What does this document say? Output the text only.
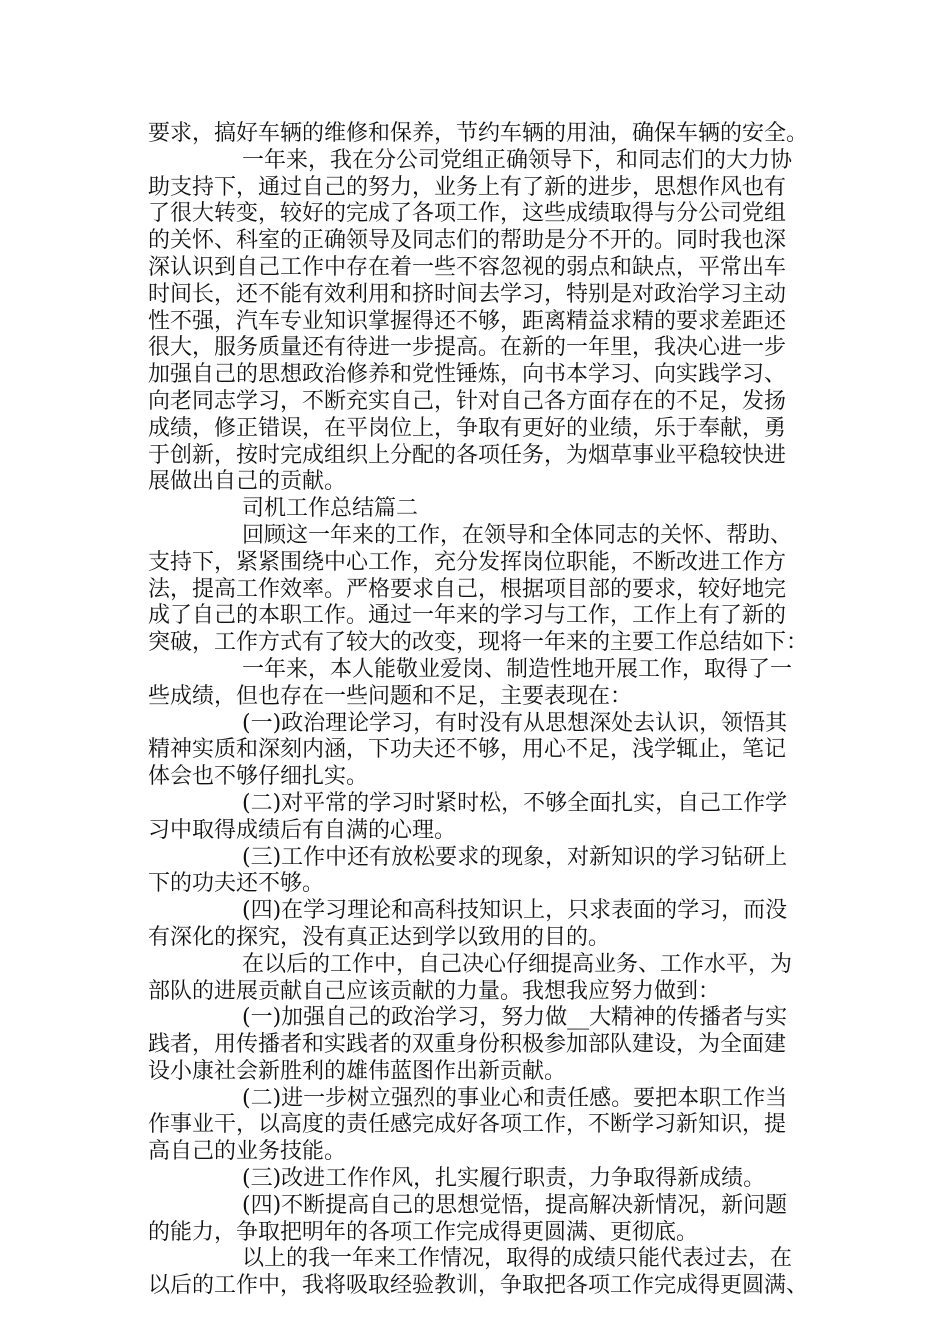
要求，搞好车辆的维修和保养，节约车辆的用油，确保车辆的安全。
一年来，我在分公司党组正确领导下，和同志们的大力协
助支持下，通过自己的努力，业务上有了新的进步，思想作风也有
了很大转变，较好的完成了各项工作，这些成绩取得与分公司党组
的关怀、科室的正确领导及同志们的帮助是分不开的。同时我也深
深认识到自己工作中存在着一些不容忽视的弱点和缺点，平常出车
时间长，还不能有效利用和挤时间去学习，特别是对政治学习主动
性不强，汽车专业知识掌握得还不够，距离精益求精的要求差距还
很大，服务质量还有待进一步提高。在新的一年里，我决心进一步
加强自己的思想政治修养和党性锤炼，向书本学习、向实践学习、
向老同志学习，不断充实自己，针对自己各方面存在的不足，发扬
成绩，修正错误，在平岗位上，争取有更好的业绩，乐于奉献，勇
于创新，按时完成组织上分配的各项任务，为烟草事业平稳较快进
展做出自己的贡献。
司机工作总结篇二
回顾这一年来的工作，在领导和全体同志的关怀、帮助、
支持下，紧紧围绕中心工作，充分发挥岗位职能，不断改进工作方
法，提高工作效率。严格要求自己，根据项目部的要求，较好地完
成了自己的本职工作。通过一年来的学习与工作，工作上有了新的
突破，工作方式有了较大的改变，现将一年来的主要工作总结如下：
一年来，本人能敬业爱岗、制造性地开展工作，取得了一
些成绩，但也存在一些问题和不足，主要表现在：
(一)政治理论学习，有时没有从思想深处去认识，领悟其
精神实质和深刻内涵，下功夫还不够，用心不足，浅学辄止，笔记
体会也不够仔细扎实。
(二)对平常的学习时紧时松，不够全面扎实，自己工作学
习中取得成绩后有自满的心理。
(三)工作中还有放松要求的现象，对新知识的学习钻研上
下的功夫还不够。
(四)在学习理论和高科技知识上，只求表面的学习，而没
有深化的探究，没有真正达到学以致用的目的。
在以后的工作中，自己决心仔细提高业务、工作水平，为
部队的进展贡献自己应该贡献的力量。我想我应努力做到：
(一)加强自己的政治学习，努力做__大精神的传播者与实
践者，用传播者和实践者的双重身份积极参加部队建设，为全面建
设小康社会新胜利的雄伟蓝图作出新贡献。
(二)进一步树立强烈的事业心和责任感。要把本职工作当
作事业干，以高度的责任感完成好各项工作，不断学习新知识，提
高自己的业务技能。
(三)改进工作作风，扎实履行职责，力争取得新成绩。
(四)不断提高自己的思想觉悟，提高解决新情况，新问题
的能力，争取把明年的各项工作完成得更圆满、更彻底。
以上的我一年来工作情况，取得的成绩只能代表过去，在
以后的工作中，我将吸取经验教训，争取把各项工作完成得更圆满、
